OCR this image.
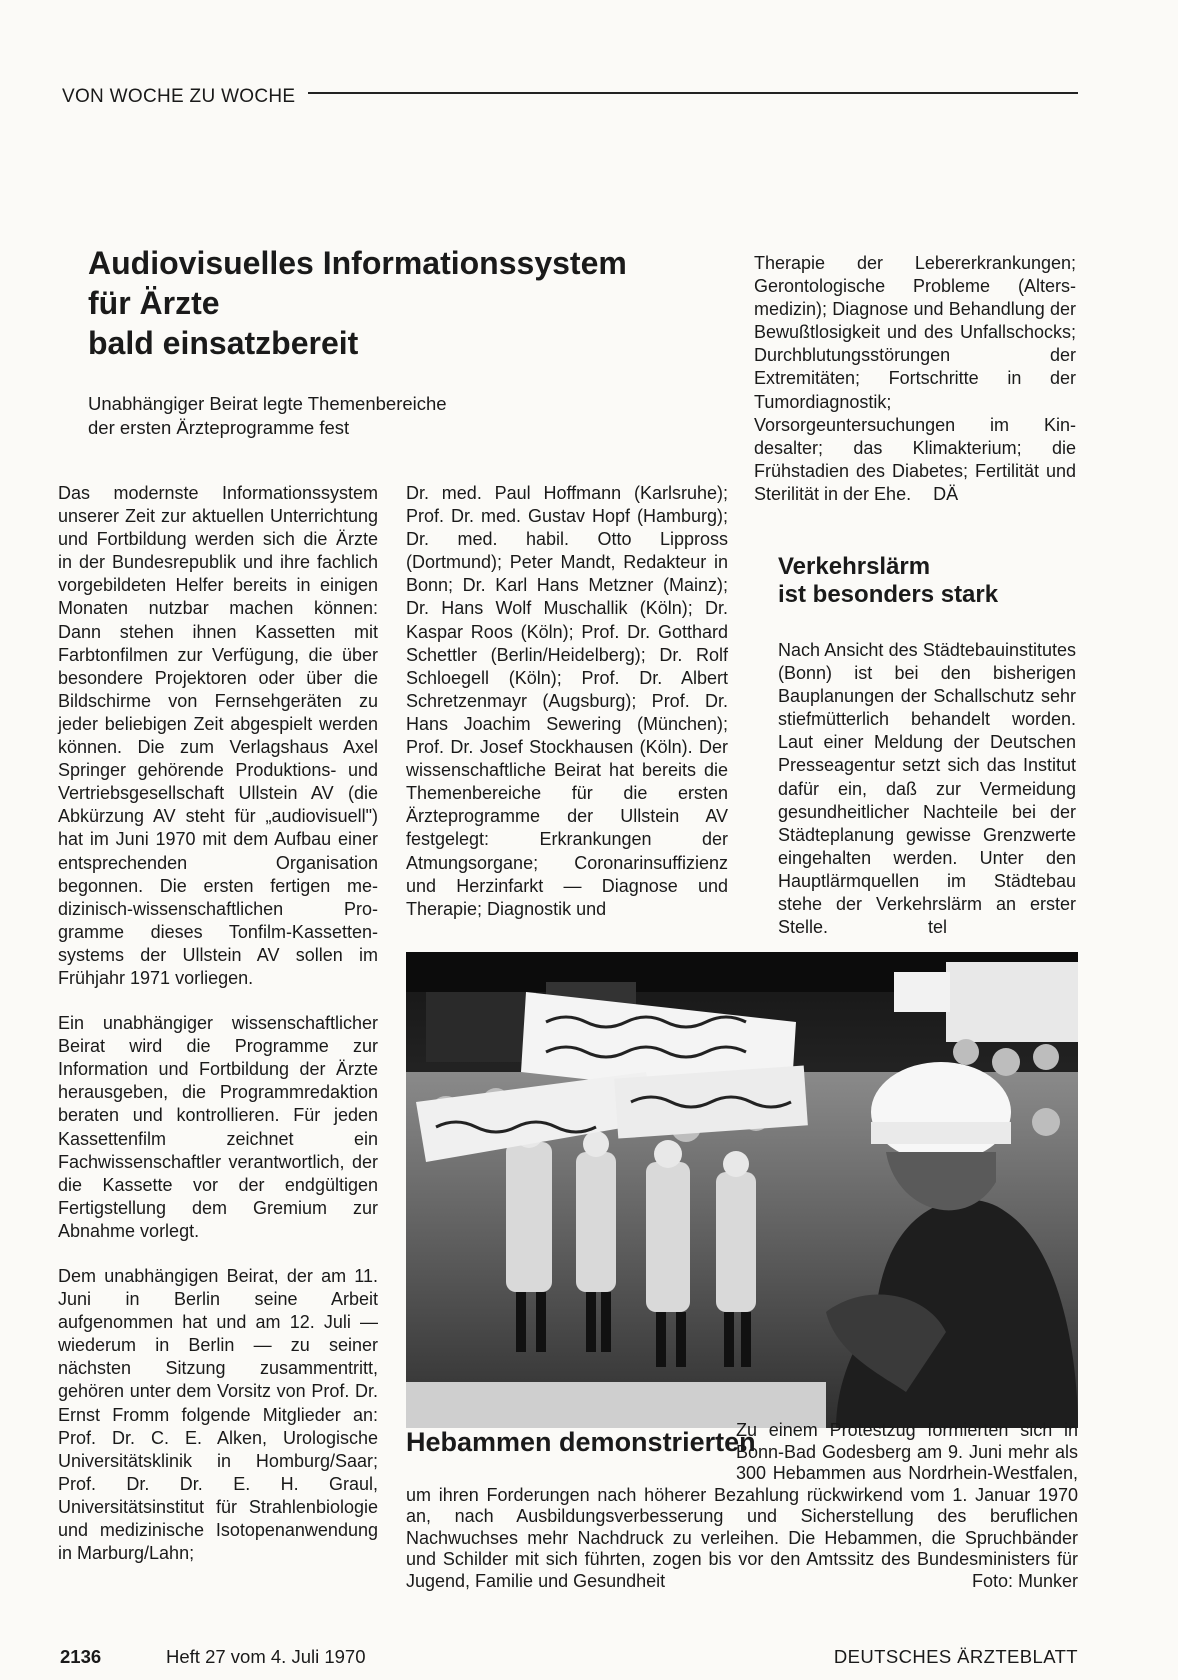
VON WOCHE ZU WOCHE
Audiovisuelles Informationssystem
für Ärzte
bald einsatzbereit
Unabhängiger Beirat legte Themenbereiche
der ersten Ärzteprogramme fest

Das modernste Informationssystem unserer Zeit zur aktuellen Unterrichtung und Fortbildung werden sich die Ärzte in der Bundesrepublik und ihre fachlich vorgebildeten Helfer bereits in einigen Monaten nutzbar machen können: Dann stehen ihnen Kassetten mit Farbtonfilmen zur Verfügung, die über besondere Projektoren oder über die Bildschirme von Fernsehgeräten zu jeder beliebigen Zeit abgespielt werden können. Die zum Verlagshaus Axel Springer gehörende Produktions- und Vertriebsgesellschaft Ullstein AV (die Abkürzung AV steht für „audiovisuell") hat im Juni 1970 mit dem Aufbau einer entsprechenden Organisation begonnen. Die ersten fertigen medizinisch-wissenschaftlichen Programme dieses Tonfilm-Kassettensystems der Ullstein AV sollen im Frühjahr 1971 vorliegen.

Ein unabhängiger wissenschaftlicher Beirat wird die Programme zur Information und Fortbildung der Ärzte herausgeben, die Programmredaktion beraten und kontrollieren. Für jeden Kassettenfilm zeichnet ein Fachwissenschaftler verantwortlich, der die Kassette vor der endgültigen Fertigstellung dem Gremium zur Abnahme vorlegt.

Dem unabhängigen Beirat, der am 11. Juni in Berlin seine Arbeit aufgenommen hat und am 12. Juli — wiederum in Berlin — zu seiner nächsten Sitzung zusammentritt, gehören unter dem Vorsitz von Prof. Dr. Ernst Fromm folgende Mitglieder an: Prof. Dr. C. E. Alken, Urologische Universitätsklinik in Homburg/Saar; Prof. Dr. Dr. E. H. Graul, Universitätsinstitut für Strahlenbiologie und medizinische Isotopenanwendung in Marburg/Lahn;

Dr. med. Paul Hoffmann (Karlsruhe); Prof. Dr. med. Gustav Hopf (Hamburg); Dr. med. habil. Otto Lippross (Dortmund); Peter Mandt, Redakteur in Bonn; Dr. Karl Hans Metzner (Mainz); Dr. Hans Wolf Muschallik (Köln); Dr. Kaspar Roos (Köln); Prof. Dr. Gotthard Schettler (Berlin/Heidelberg); Dr. Rolf Schloegell (Köln); Prof. Dr. Albert Schretzenmayr (Augsburg); Prof. Dr. Hans Joachim Sewering (München); Prof. Dr. Josef Stockhausen (Köln). Der wissenschaftliche Beirat hat bereits die Themenbereiche für die ersten Ärzteprogramme der Ullstein AV festgelegt: Erkrankungen der Atmungsorgane; Coronarinsuffizienz und Herzinfarkt — Diagnose und Therapie; Diagnostik und

Therapie der Lebererkrankungen; Gerontologische Probleme (Altersmedizin); Diagnose und Behandlung der Bewußtlosigkeit und des Unfallschocks; Durchblutungsstörungen der Extremitäten; Fortschritte in der Tumordiagnostik; Vorsorgeuntersuchungen im Kindesalter; das Klimakterium; die Frühstadien des Diabetes; Fertilität und Sterilität in der Ehe. DÄ

Verkehrslärm
ist besonders stark

Nach Ansicht des Städtebauinstitutes (Bonn) ist bei den bisherigen Bauplanungen der Schallschutz sehr stiefmütterlich behandelt worden. Laut einer Meldung der Deutschen Presseagentur setzt sich das Institut dafür ein, daß zur Vermeidung gesundheitlicher Nachteile bei der Städteplanung gewisse Grenzwerte eingehalten werden. Unter den Hauptlärmquellen im Städtebau stehe der Verkehrslärm an erster Stelle.	tel

Hebammen demonstrierten
Zu einem Protestzug formierten sich in Bonn-Bad Godesberg am 9. Juni mehr als 300 Hebammen aus Nordrhein-Westfalen, um ihren Forderungen nach höherer Bezahlung rückwirkend vom 1. Januar 1970 an, nach Ausbildungsverbesserung und Sicherstellung des beruflichen Nachwuchses mehr Nachdruck zu verleihen. Die Hebammen, die Spruchbänder und Schilder mit sich führten, zogen bis vor den Amtssitz des Bundesministers für Jugend, Familie und Gesundheit	Foto: Munker
2136	Heft 27 vom 4. Juli 1970	DEUTSCHES ÄRZTEBLATT
